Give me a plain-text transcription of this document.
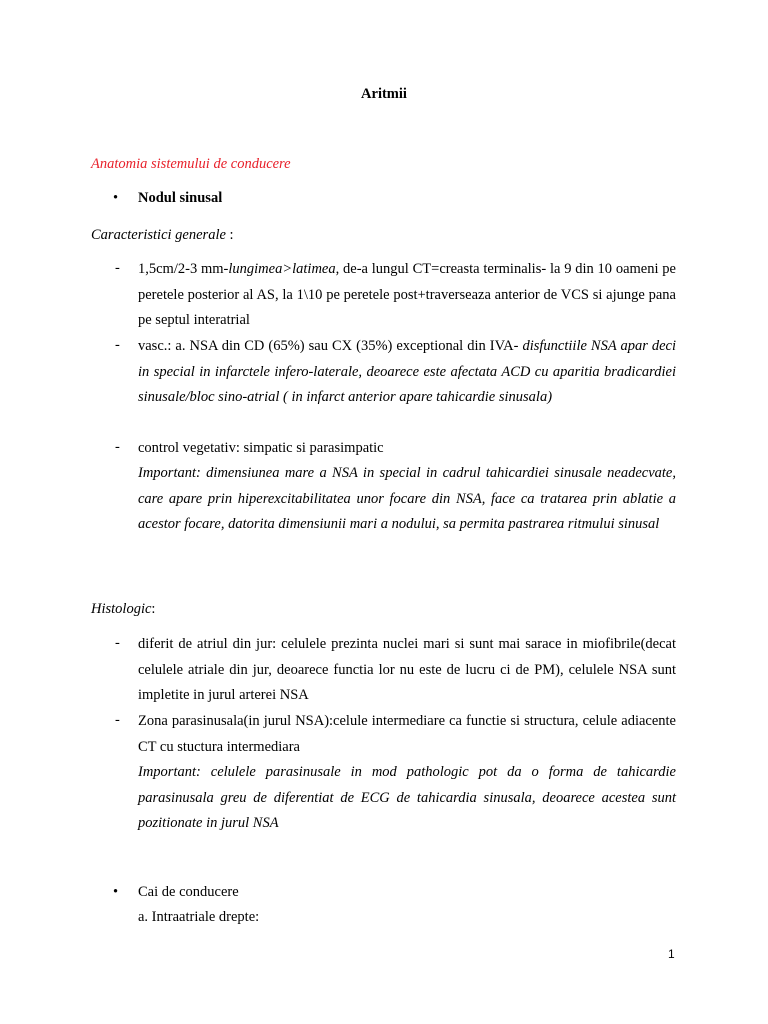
Aritmii
Anatomia sistemului de conducere
• Nodul sinusal
Caracteristici generale :
- 1,5cm/2-3 mm-lungimea>latimea, de-a lungul CT=creasta terminalis- la 9 din 10 oameni pe peretele posterior al AS, la 1\10 pe peretele post+traverseaza anterior de VCS si ajunge pana pe septul interatrial
- vasc.: a. NSA din CD (65%) sau CX (35%) exceptional din IVA- disfunctiile NSA apar deci in special in infarctele infero-laterale, deoarece este afectata ACD cu aparitia bradicardiei sinusale/bloc sino-atrial ( in infarct anterior apare tahicardie sinusala)
- control vegetativ: simpatic si parasimpatic
Important: dimensiunea mare a NSA in special in cadrul tahicardiei sinusale neadecvate, care apare prin hiperexcitabilitatea unor focare din NSA, face ca tratarea prin ablatie a acestor focare, datorita dimensiunii mari a nodului, sa permita pastrarea ritmului sinusal
Histologic:
- diferit de atriul din jur: celulele prezinta nuclei mari si sunt mai sarace in miofibrile(decat celulele atriale din jur, deoarece functia lor nu este de lucru ci de PM), celulele NSA sunt impletite in jurul arterei NSA
- Zona parasinusala(in jurul NSA):celule intermediare ca functie si structura, celule adiacente CT cu stuctura intermediara
Important: celulele parasinusale in mod pathologic pot da o forma de tahicardie parasinusala greu de diferentiat de ECG de tahicardia sinusala, deoarece acestea sunt pozitionate in jurul NSA
• Cai de conducere
a. Intraatriale drepte:
1
